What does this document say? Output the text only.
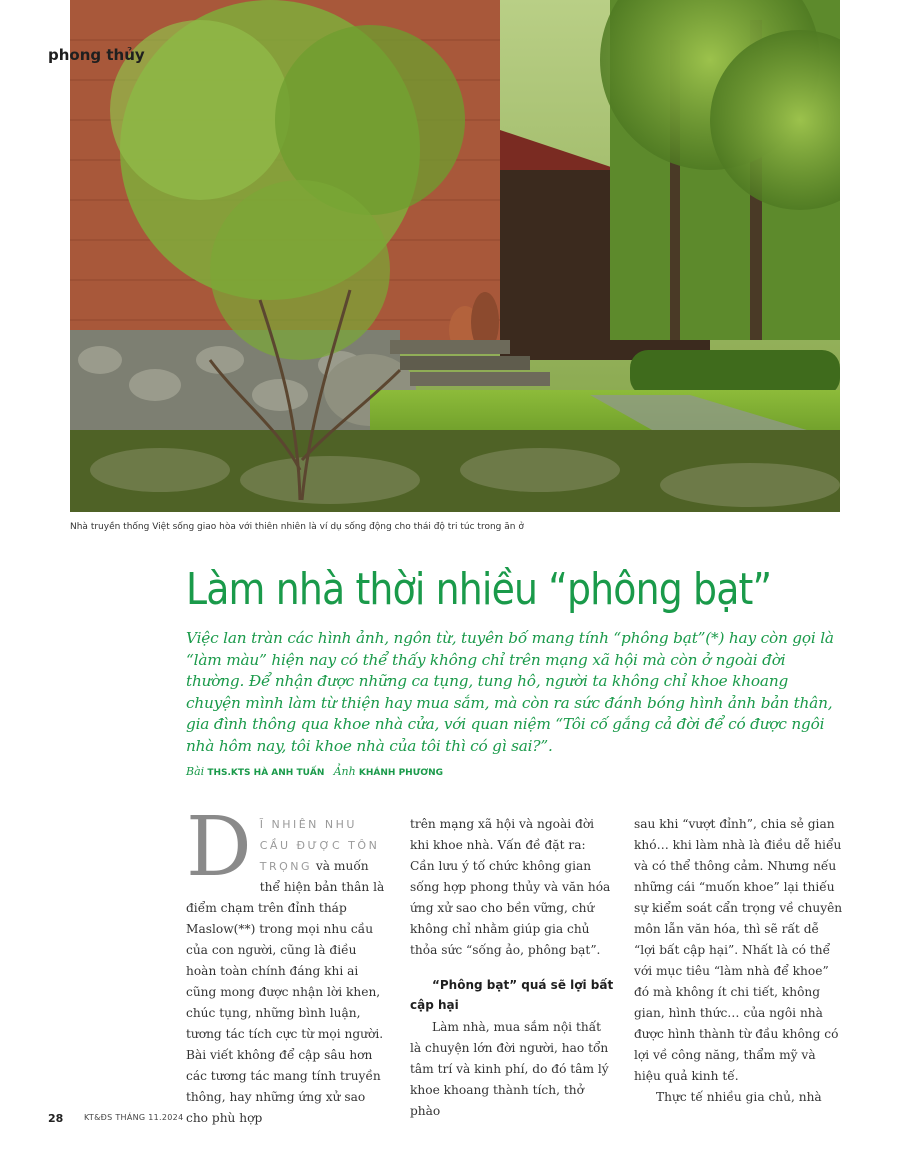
phong thủy
Nhà truyền thống Việt sống giao hòa với thiên nhiên là ví dụ sống động cho thái độ tri túc trong ăn ở
Làm nhà thời nhiều “phông bạt”

Việc lan tràn các hình ảnh, ngôn từ, tuyên bố mang tính “phông bạt”(*) hay còn gọi là “làm màu” hiện nay có thể thấy không chỉ trên mạng xã hội mà còn ở ngoài đời thường. Để nhận được những ca tụng, tung hô, người ta không chỉ khoe khoang chuyện mình làm từ thiện hay mua sắm, mà còn ra sức đánh bóng hình ảnh bản thân, gia đình thông qua khoe nhà cửa, với quan niệm “Tôi cố gắng cả đời để có được ngôi nhà hôm nay, tôi khoe nhà của tôi thì có gì sai?”.

Bài THS.KTS HÀ ANH TUẤN Ảnh KHÁNH PHƯƠNG

D Ĩ NHIÊN NHU CẦU ĐƯỢC TÔN TRỌNG và muốn thể hiện bản thân là điểm chạm trên đỉnh tháp Maslow(**) trong mọi nhu cầu của con người, cũng là điều hoàn toàn chính đáng khi ai cũng mong được nhận lời khen, chúc tụng, những bình luận, tương tác tích cực từ mọi người. Bài viết không để cập sâu hơn các tương tác mang tính truyền thông, hay những ứng xử sao cho phù hợp

trên mạng xã hội và ngoài đời khi khoe nhà. Vấn đề đặt ra: Cần lưu ý tố chức không gian sống hợp phong thủy và văn hóa ứng xử sao cho bền vững, chứ không chỉ nhằm giúp gia chủ thỏa sức “sống ảo, phông bạt”.

“Phông bạt” quá sẽ lợi bất cập hại

Làm nhà, mua sắm nội thất là chuyện lớn đời người, hao tổn tâm trí và kinh phí, do đó tâm lý khoe khoang thành tích, thở phào

sau khi “vượt đỉnh”, chia sẻ gian khó… khi làm nhà là điều dễ hiểu và có thể thông cảm. Nhưng nếu những cái “muốn khoe” lại thiếu sự kiểm soát cẩn trọng về chuyên môn lẫn văn hóa, thì sẽ rất dễ “lợi bất cập hại”. Nhất là có thể với mục tiêu “làm nhà để khoe” đó mà không ít chi tiết, không gian, hình thức… của ngôi nhà được hình thành từ đầu không có lợi về công năng, thẩm mỹ và hiệu quả kinh tế.

Thực tế nhiều gia chủ, nhà

28	KT&ĐS THÁNG 11.2024
